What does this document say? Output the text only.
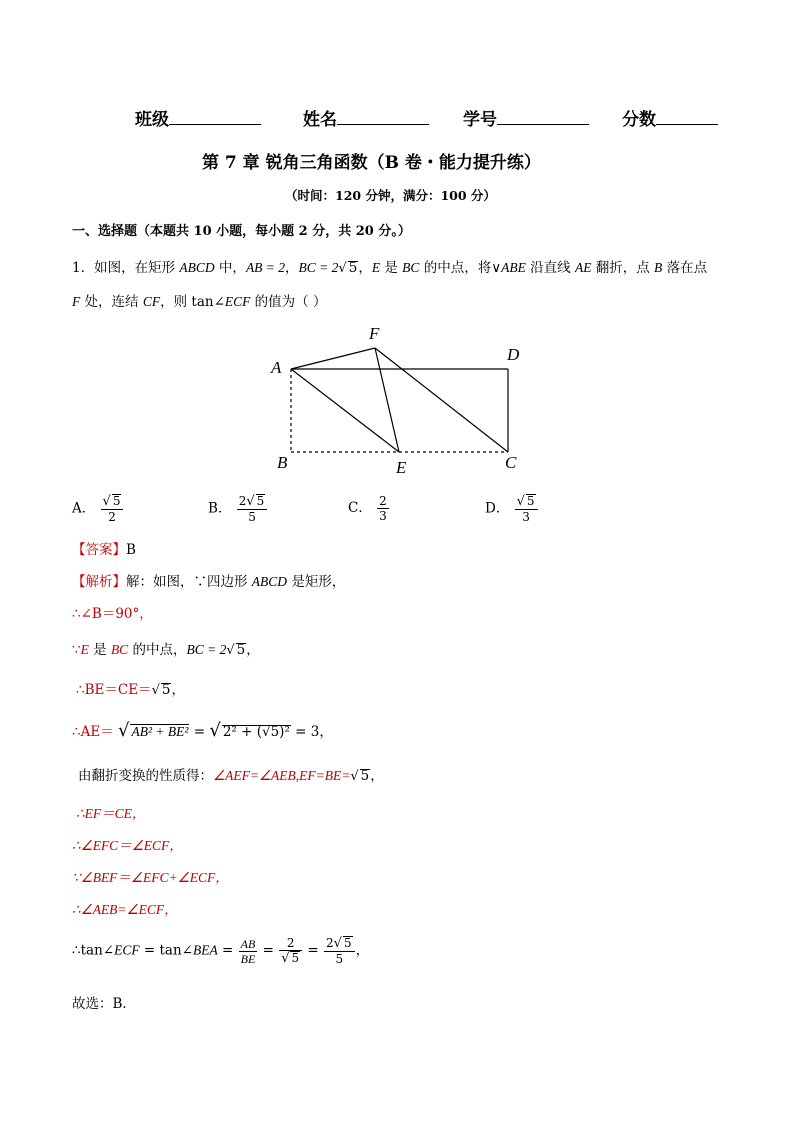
班级	姓名	学号	分数
第 7 章 锐角三角函数（B 卷・能力提升练）
（时间：120 分钟，满分：100 分）
一、选择题（本题共 10 小题，每小题 2 分，共 20 分。）
1．如图，在矩形 ABCD 中，AB = 2，BC = 2√ 5，E 是 BC 的中点，将∨ABE 沿直线 AE 翻折，点 B 落在点
F 处，连结 CF，则 tan∠ECF 的值为（ ）
A
F
D
B	E	C
A． $\frac{√ 5}{2}$	B． $\frac{2√ 5}{5}$	C． $\frac{2}{3}$	D． $\frac{√ 5}{3}$
【答案】B
【解析】解：如图，∵四边形 ABCD 是矩形，
∴∠B＝90°，
∵E 是 BC 的中点，BC = 2√ 5，
∴BE＝CE＝√ 5，
∴AE＝ √ AB² + BE² = √ 2² + (√5)² = 3，
由翻折变换的性质得：∠AEF=∠AEB,EF=BE=√ 5，
∴EF＝CE，
∴∠EFC＝∠ECF，
∵∠BEF＝∠EFC+∠ECF，
∴∠AEB=∠ECF，
∴tan∠ECF = tan∠BEA = $\frac{AB}{BE} = \frac{2}{√ 5} = \frac{2√ 5}{5}$ ，
故选：B．
